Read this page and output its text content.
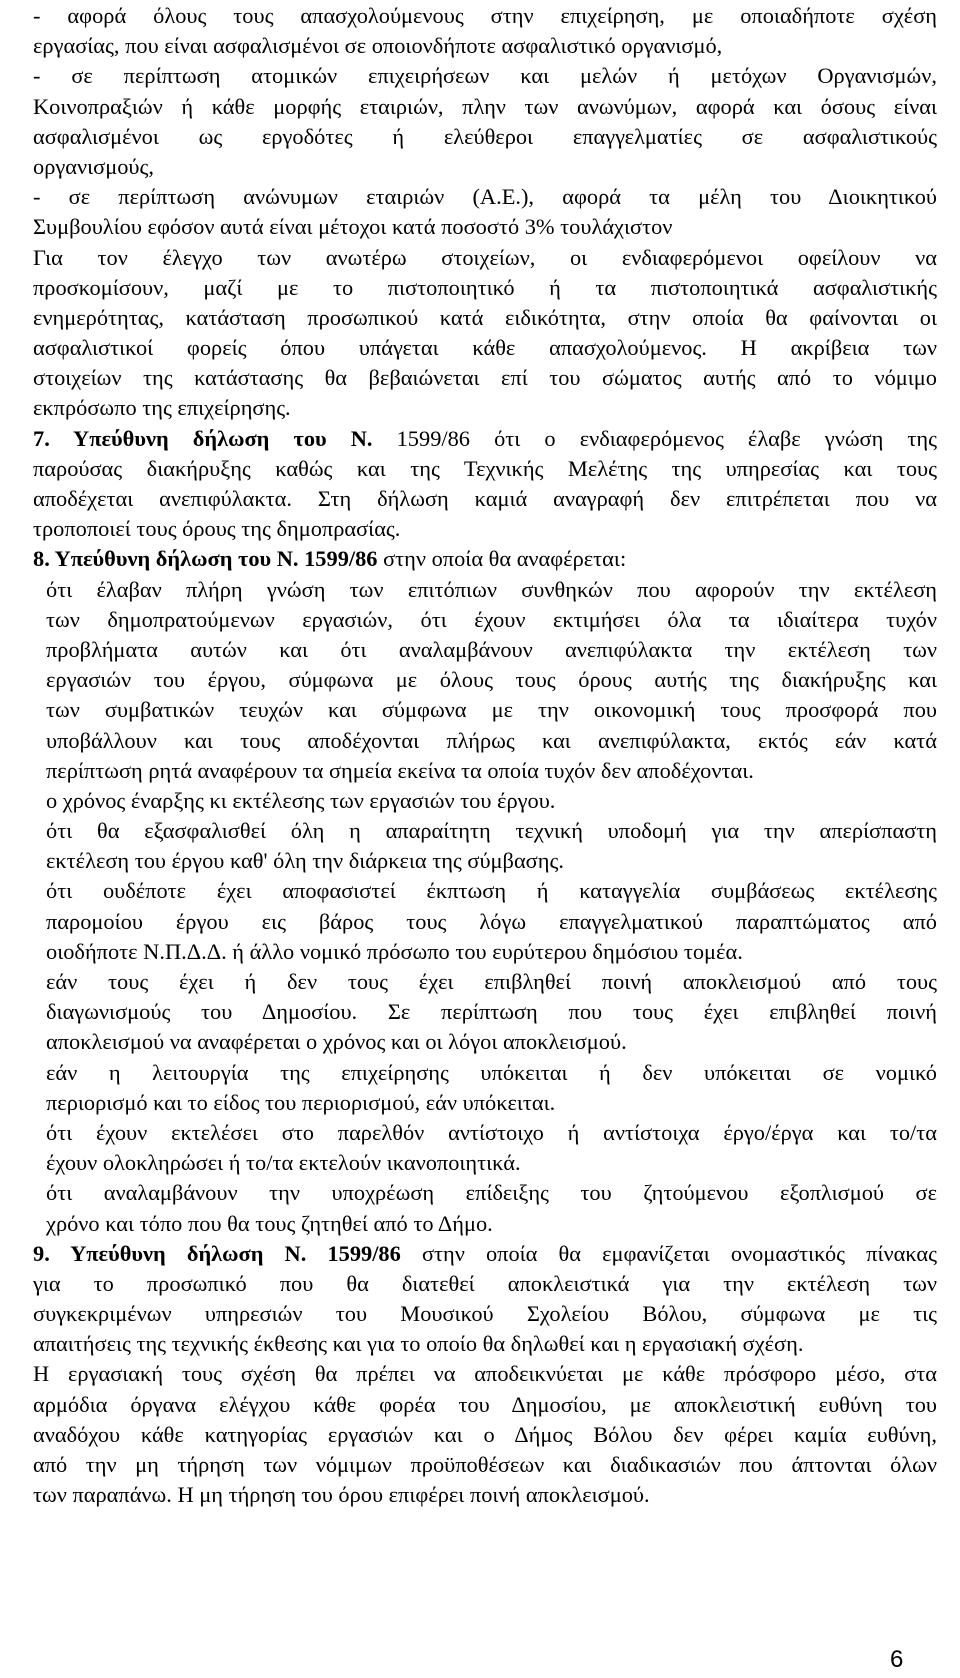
- αφορά όλους τους απασχολούμενους στην επιχείρηση, με οποιαδήποτε σχέση
εργασίας, που είναι ασφαλισμένοι σε οποιονδήποτε ασφαλιστικό οργανισμό,
- σε περίπτωση ατομικών επιχειρήσεων και μελών ή μετόχων Οργανισμών,
Κοινοπραξιών ή κάθε μορφής εταιριών, πλην των ανωνύμων, αφορά και όσους είναι
ασφαλισμένοι ως εργοδότες ή ελεύθεροι επαγγελματίες σε ασφαλιστικούς
οργανισμούς,
- σε περίπτωση ανώνυμων εταιριών (Α.Ε.), αφορά τα μέλη του Διοικητικού
Συμβουλίου εφόσον αυτά είναι μέτοχοι κατά ποσοστό 3% τουλάχιστον
Για τον έλεγχο των ανωτέρω στοιχείων, οι ενδιαφερόμενοι οφείλουν να
προσκομίσουν, μαζί με το πιστοποιητικό ή τα πιστοποιητικά ασφαλιστικής
ενημερότητας, κατάσταση προσωπικού κατά ειδικότητα, στην οποία θα φαίνονται οι
ασφαλιστικοί φορείς όπου υπάγεται κάθε απασχολούμενος. Η ακρίβεια των
στοιχείων της κατάστασης θα βεβαιώνεται επί του σώματος αυτής από το νόμιμο
εκπρόσωπο της επιχείρησης.
7. Υπεύθυνη δήλωση του Ν. 1599/86 ότι ο ενδιαφερόμενος έλαβε γνώση της
παρούσας διακήρυξης καθώς και της Τεχνικής Μελέτης της υπηρεσίας και τους
αποδέχεται ανεπιφύλακτα. Στη δήλωση καμιά αναγραφή δεν επιτρέπεται που να
τροποποιεί τους όρους της δημοπρασίας.
8. Υπεύθυνη δήλωση του Ν. 1599/86 στην οποία θα αναφέρεται:
ότι έλαβαν πλήρη γνώση των επιτόπιων συνθηκών που αφορούν την εκτέλεση
των δημοπρατούμενων εργασιών, ότι έχουν εκτιμήσει όλα τα ιδιαίτερα τυχόν
προβλήματα αυτών και ότι αναλαμβάνουν ανεπιφύλακτα την εκτέλεση των
εργασιών του έργου, σύμφωνα με όλους τους όρους αυτής της διακήρυξης και
των συμβατικών τευχών και σύμφωνα με την οικονομική τους προσφορά που
υποβάλλουν και τους αποδέχονται πλήρως και ανεπιφύλακτα, εκτός εάν κατά
περίπτωση ρητά αναφέρουν τα σημεία εκείνα τα οποία τυχόν δεν αποδέχονται.
ο χρόνος έναρξης κι εκτέλεσης των εργασιών του έργου.
ότι θα εξασφαλισθεί όλη η απαραίτητη τεχνική υποδομή για την απερίσπαστη
εκτέλεση του έργου καθ' όλη την διάρκεια της σύμβασης.
ότι ουδέποτε έχει αποφασιστεί έκπτωση ή καταγγελία συμβάσεως εκτέλεσης
παρομοίου έργου εις βάρος τους λόγω επαγγελματικού παραπτώματος από
οιοδήποτε Ν.Π.Δ.Δ. ή άλλο νομικό πρόσωπο του ευρύτερου δημόσιου τομέα.
εάν τους έχει ή δεν τους έχει επιβληθεί ποινή αποκλεισμού από τους
διαγωνισμούς του Δημοσίου. Σε περίπτωση που τους έχει επιβληθεί ποινή
αποκλεισμού να αναφέρεται ο χρόνος και οι λόγοι αποκλεισμού.
εάν η λειτουργία της επιχείρησης υπόκειται ή δεν υπόκειται σε νομικό
περιορισμό και το είδος του περιορισμού, εάν υπόκειται.
ότι έχουν εκτελέσει στο παρελθόν αντίστοιχο ή αντίστοιχα έργο/έργα και το/τα
έχουν ολοκληρώσει ή το/τα εκτελούν ικανοποιητικά.
ότι αναλαμβάνουν την υποχρέωση επίδειξης του ζητούμενου εξοπλισμού σε
χρόνο και τόπο που θα τους ζητηθεί από το Δήμο.
9. Υπεύθυνη δήλωση Ν. 1599/86 στην οποία θα εμφανίζεται ονομαστικός πίνακας
για το προσωπικό που θα διατεθεί αποκλειστικά για την εκτέλεση των
συγκεκριμένων υπηρεσιών του Μουσικού Σχολείου Βόλου, σύμφωνα με τις
απαιτήσεις της τεχνικής έκθεσης και για το οποίο θα δηλωθεί και η εργασιακή σχέση.
Η εργασιακή τους σχέση θα πρέπει να αποδεικνύεται με κάθε πρόσφορο μέσο, στα
αρμόδια όργανα ελέγχου κάθε φορέα του Δημοσίου, με αποκλειστική ευθύνη του
αναδόχου κάθε κατηγορίας εργασιών και ο Δήμος Βόλου δεν φέρει καμία ευθύνη,
από την μη τήρηση των νόμιμων προϋποθέσεων και διαδικασιών που άπτονται όλων
των παραπάνω. Η μη τήρηση του όρου επιφέρει ποινή αποκλεισμού.
6
